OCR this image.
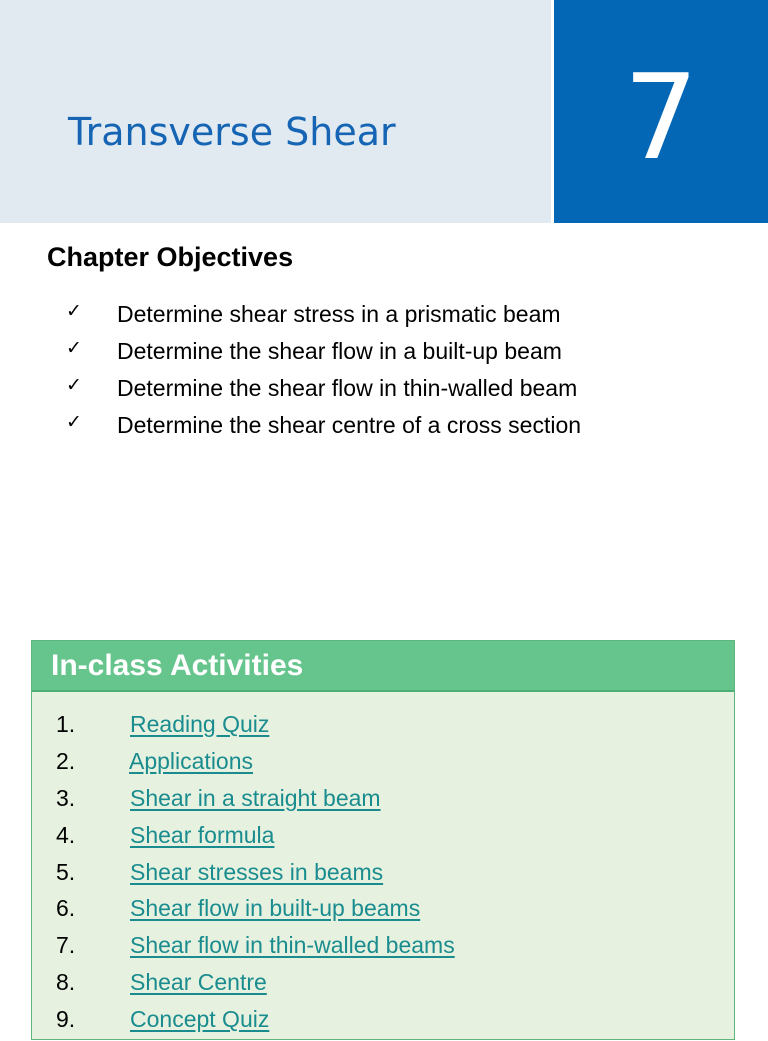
Transverse Shear	7
Chapter Objectives
✓ Determine shear stress in a prismatic beam
✓ Determine the shear flow in a built-up beam
✓ Determine the shear flow in thin-walled beam
✓ Determine the shear centre of a cross section
In-class Activities
1. Reading Quiz
2. Applications
3. Shear in a straight beam
4. Shear formula
5. Shear stresses in beams
6. Shear flow in built-up beams
7. Shear flow in thin-walled beams
8. Shear Centre
9. Concept Quiz
